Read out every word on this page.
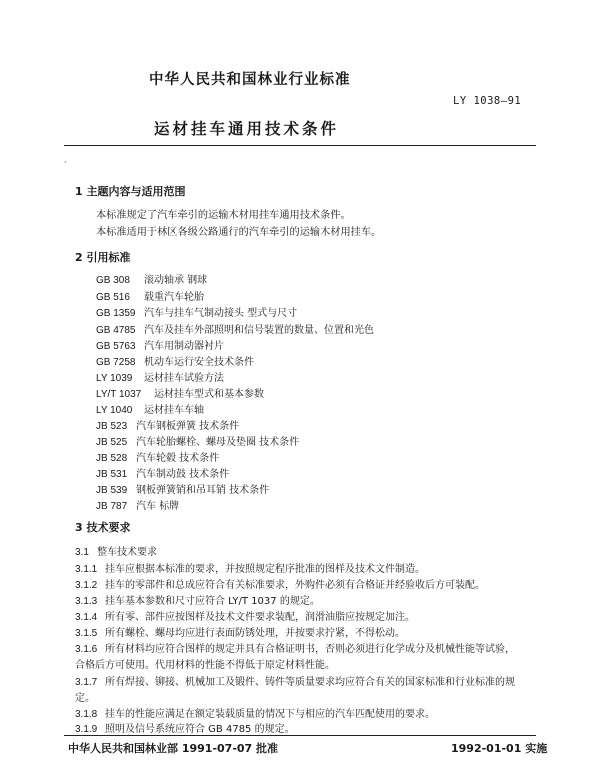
中华人民共和国林业行业标准
LY 1038—91
运材挂车通用技术条件
、
1 主题内容与适用范围
本标准规定了汽车牵引的运输木材用挂车通用技术条件。
本标准适用于林区各级公路通行的汽车牵引的运输木材用挂车。
2 引用标准
GB 308 滚动轴承 钢球
GB 516 载重汽车轮胎
GB 1359 汽车与挂车气制动接头 型式与尺寸
GB 4785 汽车及挂车外部照明和信号装置的数量、位置和光色
GB 5763 汽车用制动器衬片
GB 7258 机动车运行安全技术条件
LY 1039 运材挂车试验方法
LY/T 1037 运材挂车型式和基本参数
LY 1040 运材挂车车轴
JB 523 汽车钢板弹簧 技术条件
JB 525 汽车轮胎螺栓、螺母及垫圈 技术条件
JB 528 汽车轮毂 技术条件
JB 531 汽车制动鼓 技术条件
JB 539 钢板弹簧销和吊耳销 技术条件
JB 787 汽车 标牌
3 技术要求
3.1 整车技术要求
3.1.1 挂车应根据本标准的要求，并按照规定程序批准的图样及技术文件制造。
3.1.2 挂车的零部件和总成应符合有关标准要求，外购件必须有合格证并经验收后方可装配。
3.1.3 挂车基本参数和尺寸应符合 LY/T 1037 的规定。
3.1.4 所有零、部件应按图样及技术文件要求装配，润滑油脂应按规定加注。
3.1.5 所有螺栓、螺母均应进行表面防锈处理，并按要求拧紧，不得松动。
3.1.6 所有材料均应符合图样的规定并具有合格证明书，否则必须进行化学成分及机械性能等试验，
合格后方可使用。代用材料的性能不得低于原定材料性能。
3.1.7 所有焊接、铆接、机械加工及锻件、铸件等质量要求均应符合有关的国家标准和行业标准的规
定。
3.1.8 挂车的性能应满足在额定装载质量的情况下与相应的汽车匹配使用的要求。
3.1.9 照明及信号系统应符合 GB 4785 的规定。
中华人民共和国林业部 1991-07-07 批准	1992-01-01 实施
